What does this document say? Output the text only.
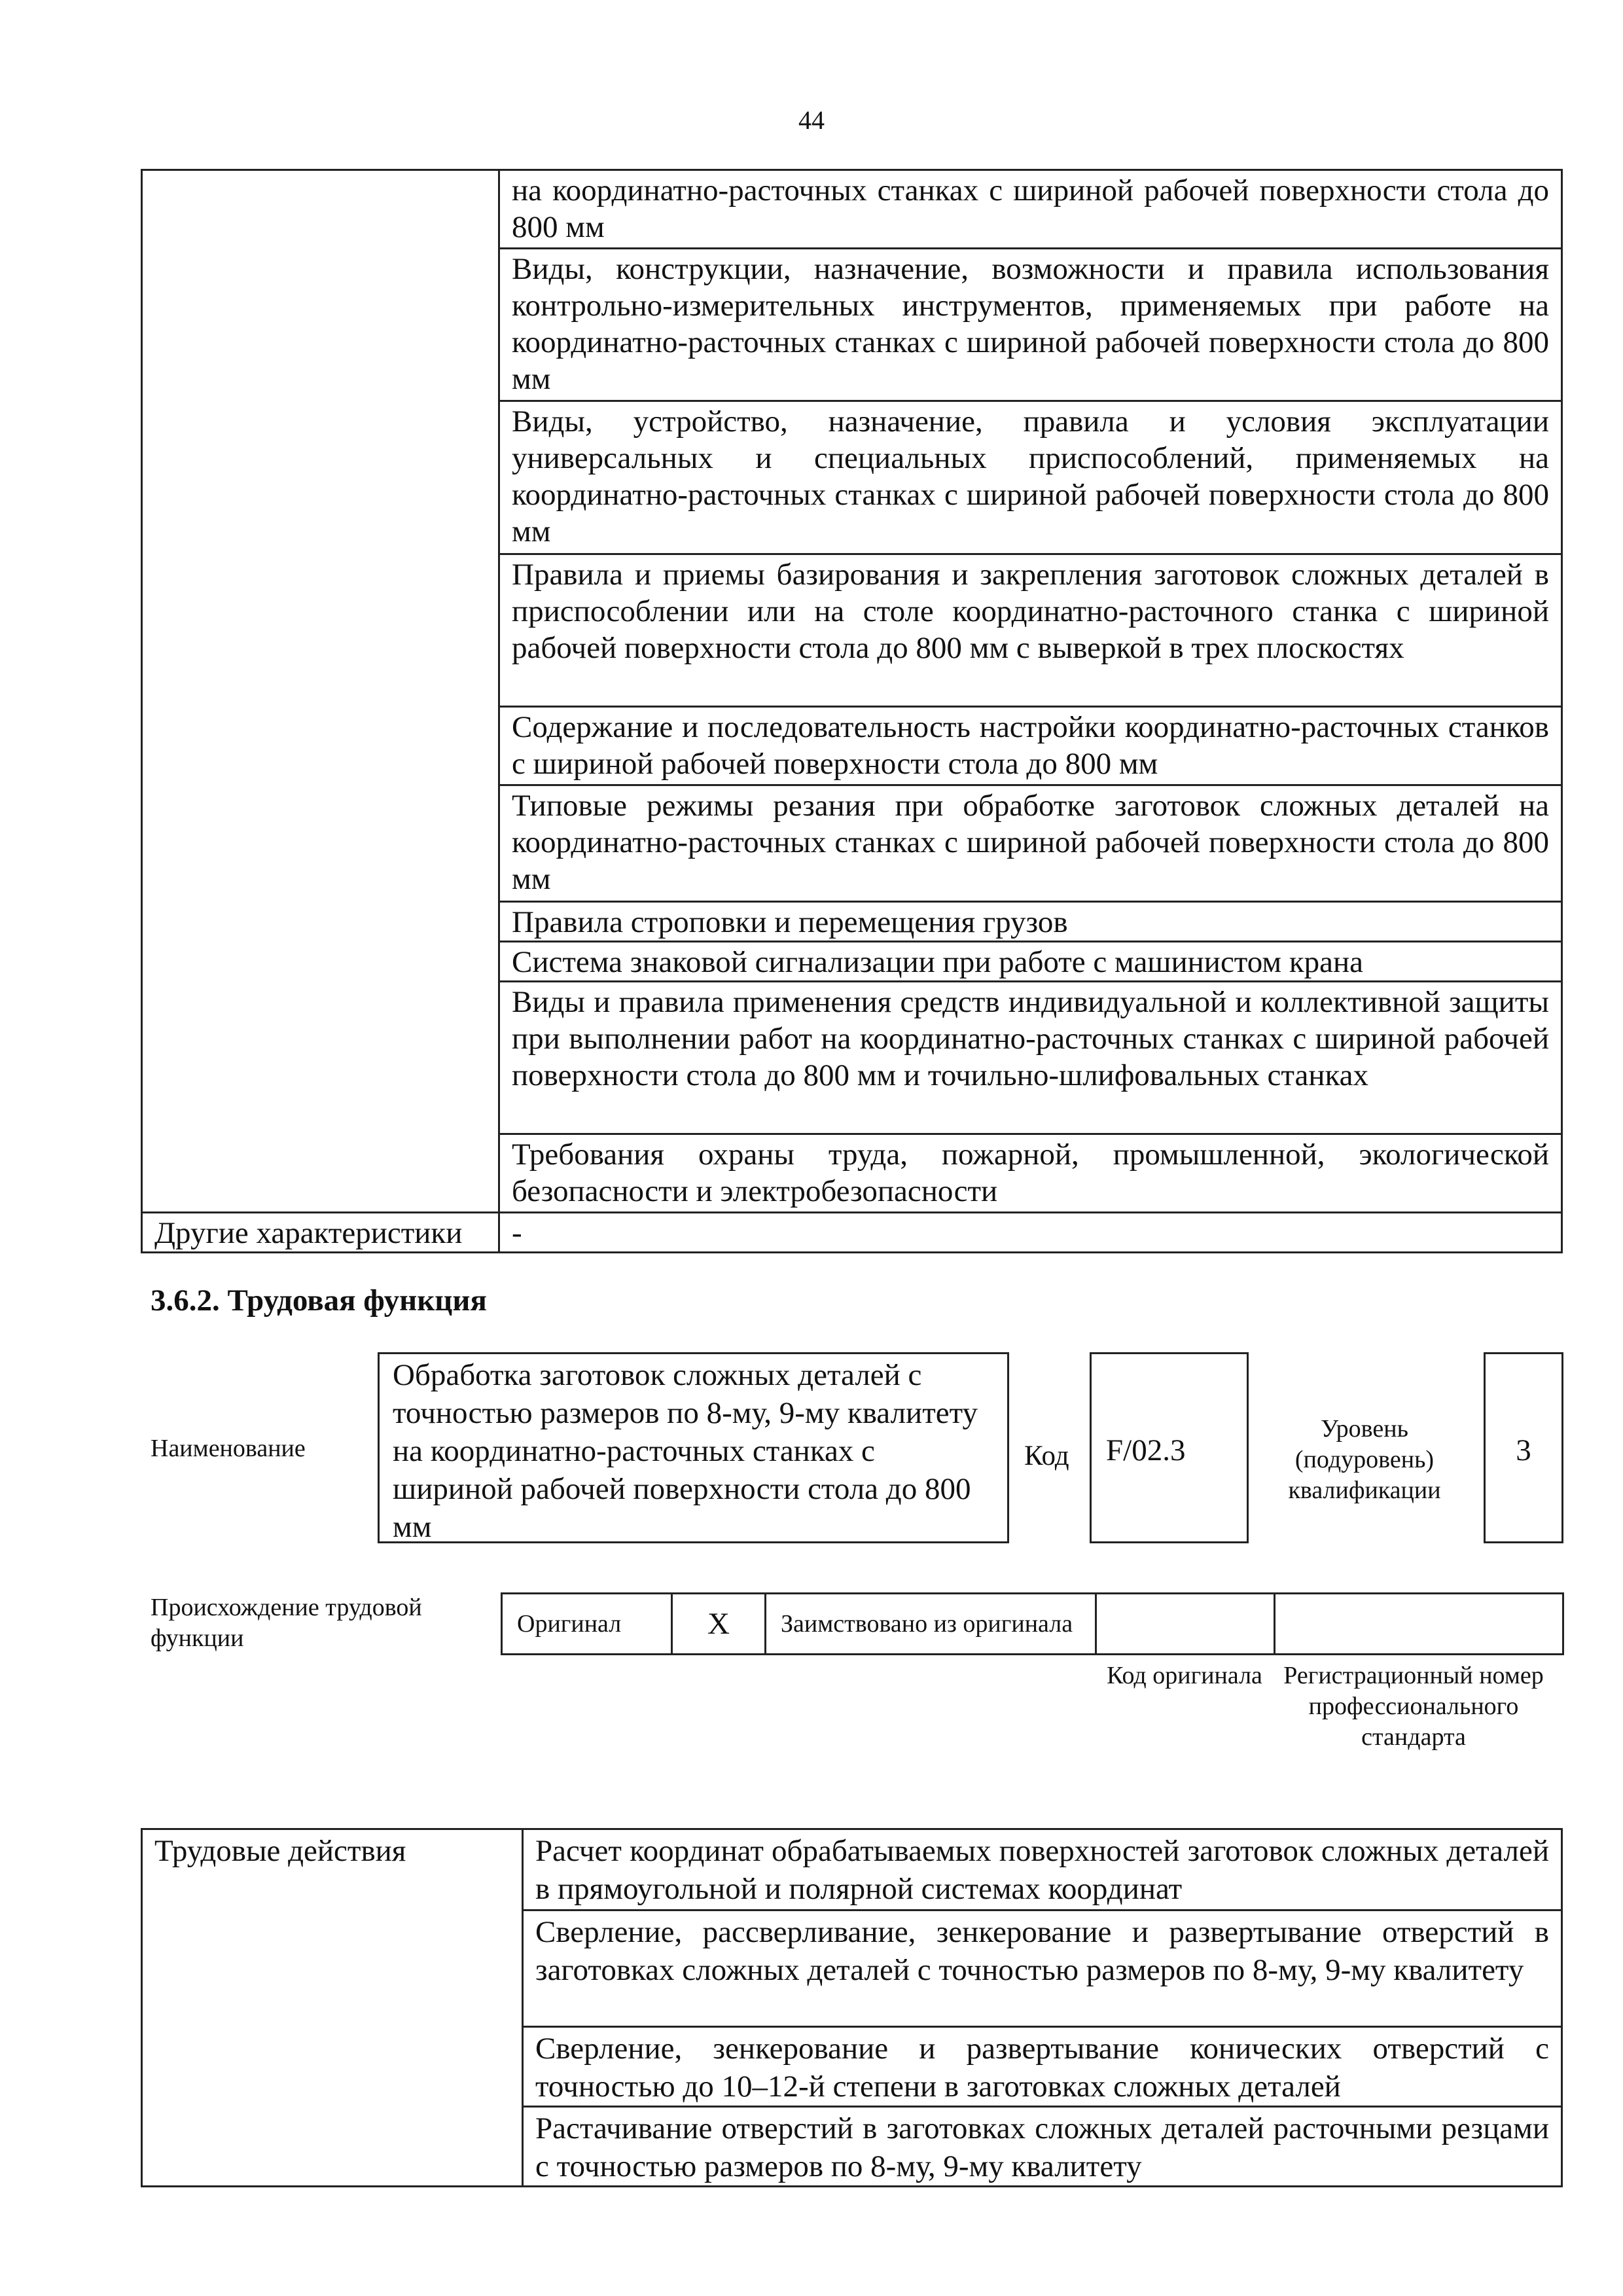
44
	на координатно-расточных станках с шириной рабочей поверхности стола до 800 мм
	Виды, конструкции, назначение, возможности и правила использования контрольно-измерительных инструментов, применяемых при работе на координатно-расточных станках с шириной рабочей поверхности стола до 800 мм
	Виды, устройство, назначение, правила и условия эксплуатации универсальных и специальных приспособлений, применяемых на координатно-расточных станках с шириной рабочей поверхности стола до 800 мм
	Правила и приемы базирования и закрепления заготовок сложных деталей в приспособлении или на столе координатно-расточного станка с шириной рабочей поверхности стола до 800 мм с выверкой в трех плоскостях
	Содержание и последовательность настройки координатно-расточных станков с шириной рабочей поверхности стола до 800 мм
	Типовые режимы резания при обработке заготовок сложных деталей на координатно-расточных станках с шириной рабочей поверхности стола до 800 мм
	Правила строповки и перемещения грузов
	Система знаковой сигнализации при работе с машинистом крана
	Виды и правила применения средств индивидуальной и коллективной защиты при выполнении работ на координатно-расточных станках с шириной рабочей поверхности стола до 800 мм и точильно-шлифовальных станках
	Требования охраны труда, пожарной, промышленной, экологической безопасности и электробезопасности
Другие характеристики	-
3.6.2. Трудовая функция
Наименование
Обработка заготовок сложных деталей с точностью размеров по 8-му, 9-му квалитету на координатно-расточных станках с шириной рабочей поверхности стола до 800 мм
Код	F/02.3
Уровень (подуровень) квалификации
3
Происхождение трудовой функции
Оригинал	X	Заимствовано из оригинала		
Код оригинала Регистрационный номер профессионального стандарта
Трудовые действия	Расчет координат обрабатываемых поверхностей заготовок сложных деталей в прямоугольной и полярной системах координат
Сверление, рассверливание, зенкерование и развертывание отверстий в заготовках сложных деталей с точностью размеров по 8-му, 9-му квалитету
Сверление, зенкерование и развертывание конических отверстий с точностью до 10–12-й степени в заготовках сложных деталей
Растачивание отверстий в заготовках сложных деталей расточными резцами с точностью размеров по 8-му, 9-му квалитету
